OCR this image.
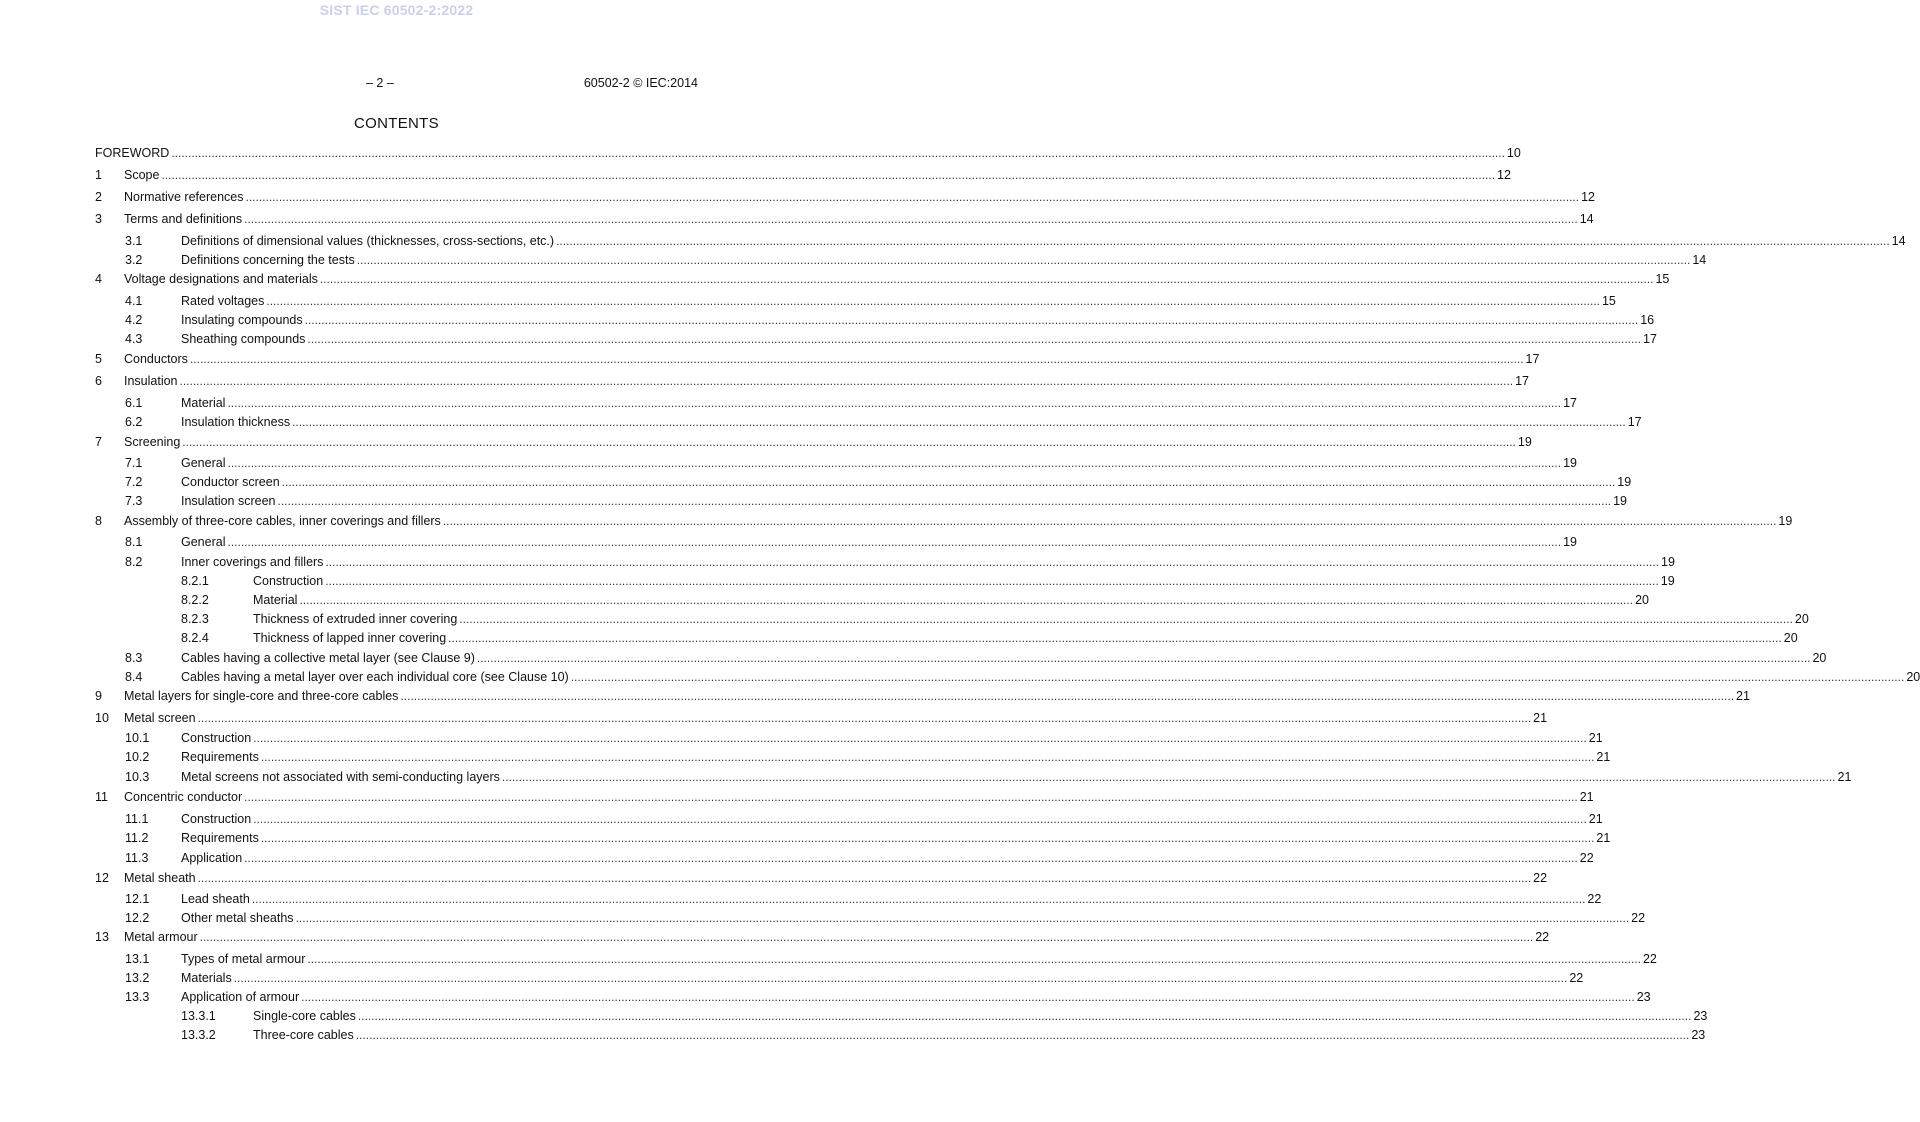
SIST IEC 60502-2:2022
– 2 –	60502-2 © IEC:2014
CONTENTS
FOREWORD ................................................................................................................................................................................................................................................................................................................................................................................................................ 10
1 Scope ................................................................................................................................................................................................................................................................................................................................................................................................................ 12
2 Normative references ................................................................................................................................................................................................................................................................................................................................................................................................................ 12
3 Terms and definitions ................................................................................................................................................................................................................................................................................................................................................................................................................ 14
3.1	Definitions of dimensional values (thicknesses, cross-sections, etc.) ................................................................................................................................................................................................................................................................................................................................................................................................................ 14
3.2	Definitions concerning the tests ................................................................................................................................................................................................................................................................................................................................................................................................................ 14
4 Voltage designations and materials ................................................................................................................................................................................................................................................................................................................................................................................................................ 15
4.1	Rated voltages ................................................................................................................................................................................................................................................................................................................................................................................................................ 15
4.2	Insulating compounds ................................................................................................................................................................................................................................................................................................................................................................................................................ 16
4.3	Sheathing compounds ................................................................................................................................................................................................................................................................................................................................................................................................................ 17
5 Conductors ................................................................................................................................................................................................................................................................................................................................................................................................................ 17
6 Insulation ................................................................................................................................................................................................................................................................................................................................................................................................................ 17
6.1	Material ................................................................................................................................................................................................................................................................................................................................................................................................................ 17
6.2	Insulation thickness ................................................................................................................................................................................................................................................................................................................................................................................................................ 17
7 Screening ................................................................................................................................................................................................................................................................................................................................................................................................................ 19
7.1	General ................................................................................................................................................................................................................................................................................................................................................................................................................ 19
7.2	Conductor screen ................................................................................................................................................................................................................................................................................................................................................................................................................ 19
7.3	Insulation screen ................................................................................................................................................................................................................................................................................................................................................................................................................ 19
8 Assembly of three-core cables, inner coverings and fillers ................................................................................................................................................................................................................................................................................................................................................................................................................ 19
8.1	General ................................................................................................................................................................................................................................................................................................................................................................................................................ 19
8.2	Inner coverings and fillers ................................................................................................................................................................................................................................................................................................................................................................................................................ 19
8.2.1	Construction ................................................................................................................................................................................................................................................................................................................................................................................................................ 19
8.2.2	Material ................................................................................................................................................................................................................................................................................................................................................................................................................ 20
8.2.3	Thickness of extruded inner covering ................................................................................................................................................................................................................................................................................................................................................................................................................ 20
8.2.4	Thickness of lapped inner covering ................................................................................................................................................................................................................................................................................................................................................................................................................ 20
8.3	Cables having a collective metal layer (see Clause 9) ................................................................................................................................................................................................................................................................................................................................................................................................................ 20
8.4	Cables having a metal layer over each individual core (see Clause 10) ................................................................................................................................................................................................................................................................................................................................................................................................................ 20
9 Metal layers for single-core and three-core cables ................................................................................................................................................................................................................................................................................................................................................................................................................ 21
10 Metal screen ................................................................................................................................................................................................................................................................................................................................................................................................................ 21
10.1	Construction ................................................................................................................................................................................................................................................................................................................................................................................................................ 21
10.2	Requirements ................................................................................................................................................................................................................................................................................................................................................................................................................ 21
10.3	Metal screens not associated with semi-conducting layers ................................................................................................................................................................................................................................................................................................................................................................................................................ 21
11 Concentric conductor ................................................................................................................................................................................................................................................................................................................................................................................................................ 21
11.1	Construction ................................................................................................................................................................................................................................................................................................................................................................................................................ 21
11.2	Requirements ................................................................................................................................................................................................................................................................................................................................................................................................................ 21
11.3	Application ................................................................................................................................................................................................................................................................................................................................................................................................................ 22
12 Metal sheath ................................................................................................................................................................................................................................................................................................................................................................................................................ 22
12.1	Lead sheath ................................................................................................................................................................................................................................................................................................................................................................................................................ 22
12.2	Other metal sheaths ................................................................................................................................................................................................................................................................................................................................................................................................................ 22
13 Metal armour ................................................................................................................................................................................................................................................................................................................................................................................................................ 22
13.1	Types of metal armour ................................................................................................................................................................................................................................................................................................................................................................................................................ 22
13.2	Materials ................................................................................................................................................................................................................................................................................................................................................................................................................ 22
13.3	Application of armour ................................................................................................................................................................................................................................................................................................................................................................................................................ 23
13.3.1	Single-core cables ................................................................................................................................................................................................................................................................................................................................................................................................................ 23
13.3.2	Three-core cables ................................................................................................................................................................................................................................................................................................................................................................................................................ 23
